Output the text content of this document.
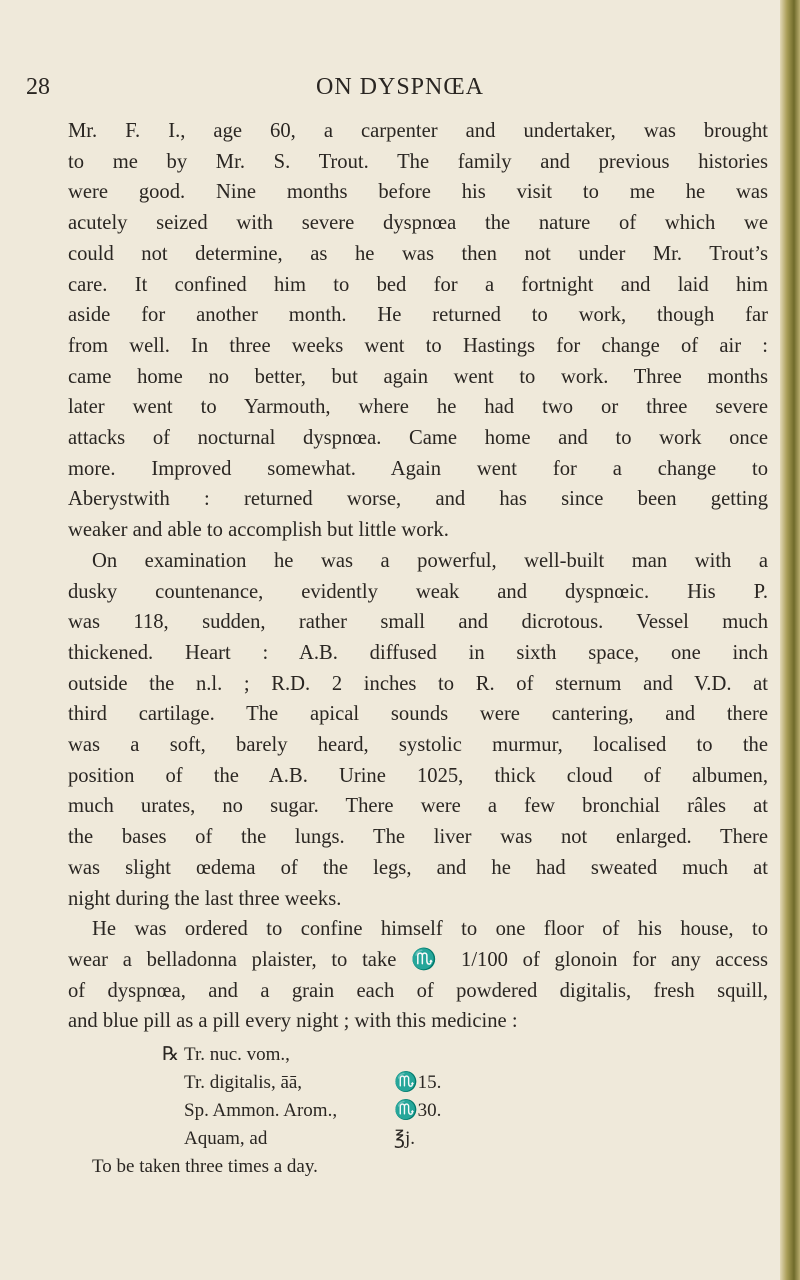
ON DYSPNŒA
28
Mr. F. I., age 60, a carpenter and undertaker, was brought
to me by Mr. S. Trout. The family and previous histories
were good. Nine months before his visit to me he was
acutely seized with severe dyspnœa the nature of which we
could not determine, as he was then not under Mr. Trout’s
care. It confined him to bed for a fortnight and laid him
aside for another month. He returned to work, though far
from well. In three weeks went to Hastings for change of air :
came home no better, but again went to work. Three months
later went to Yarmouth, where he had two or three severe
attacks of nocturnal dyspnœa. Came home and to work once
more. Improved somewhat. Again went for a change to
Aberystwith : returned worse, and has since been getting
weaker and able to accomplish but little work.
On examination he was a powerful, well-built man with a
dusky countenance, evidently weak and dyspnœic. His P.
was 118, sudden, rather small and dicrotous. Vessel much
thickened. Heart : A.B. diffused in sixth space, one inch
outside the n.l. ; R.D. 2 inches to R. of sternum and V.D. at
third cartilage. The apical sounds were cantering, and there
was a soft, barely heard, systolic murmur, localised to the
position of the A.B. Urine 1025, thick cloud of albumen,
much urates, no sugar. There were a few bronchial râles at
the bases of the lungs. The liver was not enlarged. There
was slight œdema of the legs, and he had sweated much at
night during the last three weeks.
He was ordered to confine himself to one floor of his house, to
wear a belladonna plaister, to take ♏ 1/100 of glonoin for any access
of dyspnœa, and a grain each of powdered digitalis, fresh squill,
and blue pill as a pill every night ; with this medicine :
℞ Tr. nuc. vom.,
Tr. digitalis, āā,	♏15.
Sp. Ammon. Arom.,	♏30.
Aquam, ad	℥j.
To be taken three times a day.
